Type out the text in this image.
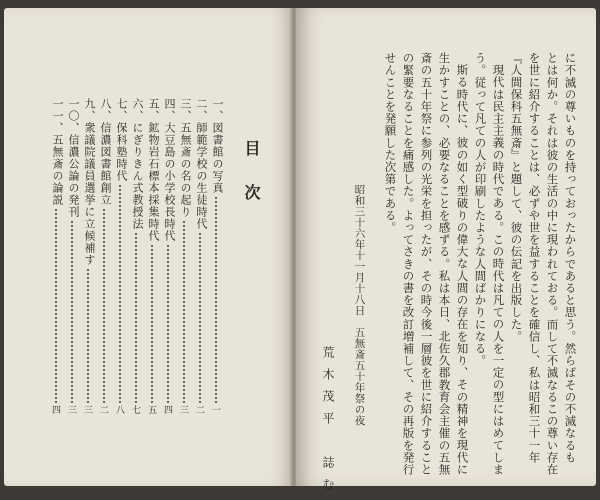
目次
一、図書館の写真
一
二、師範学校の生徒時代
二
三、五無斎の名の起り
三
四、大豆島の小学校長時代
四
五、鉱物岩石標本採集時代
五
六、にぎりきん式教授法
七
七、保科塾時代
八
八、信濃図書館創立
二
九、衆議院議員選挙に立候補す
三
一〇、信濃公論の発刊
三
一一、五無斎の論説
四	に不滅の尊いものを持っておったからであると思う。然らばその不滅なるも
とは何か。それは彼の生活の中に現われておる。而して不滅なるこの尊い存在
を世に紹介することは、必ずや世を益することを確信し、私は昭和三十一年
『人間保科五無斎』と題して、彼の伝記を出版した。
現代は民主主義の時代である。この時代は凡ての人を一定の型にはめてしま
う。従って凡ての人が印刷したような人間ばかりになる。
斯る時代に、彼の如く型破りの偉大な人間の存在を知り、その精神を現代に
生かすことの、必要なることを感ずる。私は本日、北佐久郡教育会主催の五無
斎の五十年祭に参列の光栄を担ったが、その時今後一層彼を世に紹介すること
の緊要なることを痛感した。よってさきの書を改訂増補して、その再版を発行
せんことを発願した次第である。
昭和三十六年十一月十八日　五無斎五十年祭の夜
荒木茂平　誌む
